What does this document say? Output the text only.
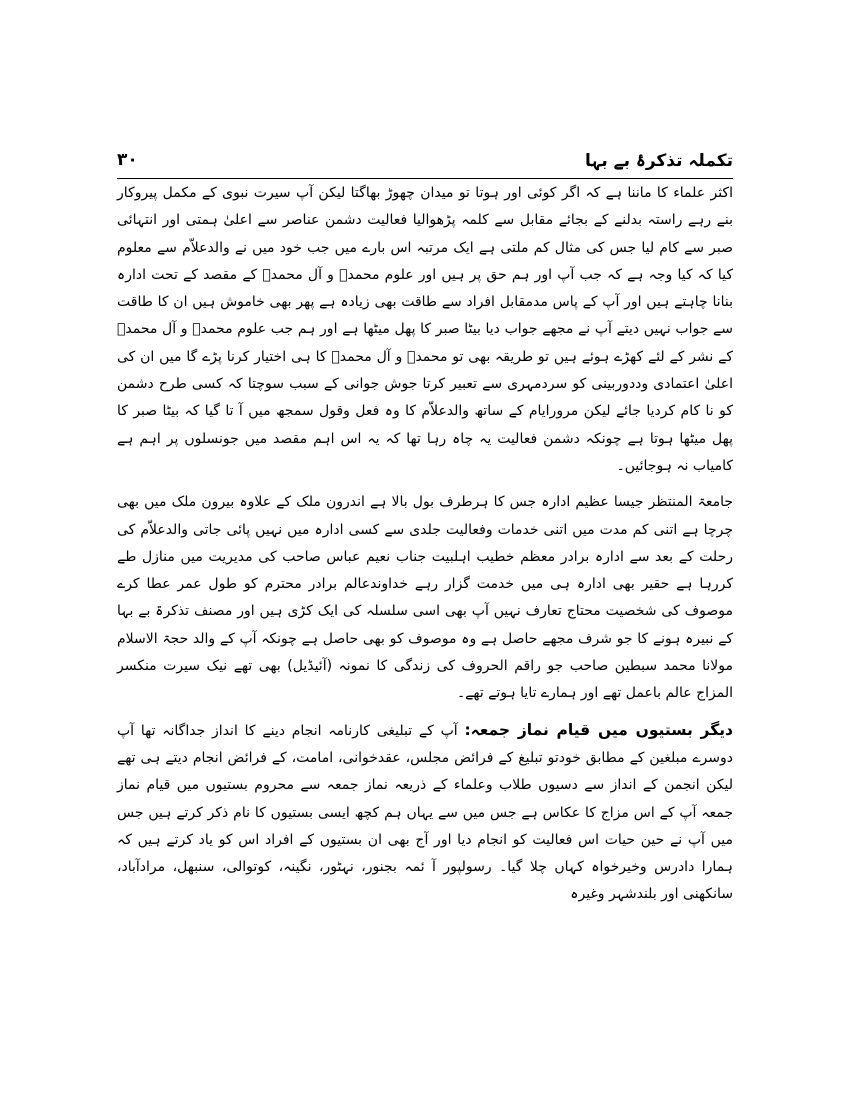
تکملہ تذکرۂ بے بہا
۳۰

اکثر علماء کا ماننا ہے کہ اگر کوئی اور ہوتا تو میدان چھوڑ بھاگتا لیکن آپ سیرت نبوی کے مکمل پیروکار بنے رہے راستہ بدلنے کے بجائے مقابل سے کلمہ پڑھوالیا فعالیت دشمن عناصر سے اعلیٰ ہمتی اور انتہائی صبر سے کام لیا جس کی مثال کم ملتی ہے ایک مرتبہ اس بارے میں جب خود میں نے والدعلاّم سے معلوم کیا کہ کیا وجہ ہے کہ جب آپ اور ہم حق پر ہیں اور علوم محمدؐ و آل محمدؐ کے مقصد کے تحت ادارہ بنانا چاہتے ہیں اور آپ کے پاس مدمقابل افراد سے طاقت بھی زیادہ ہے پھر بھی خاموش ہیں ان کا طاقت سے جواب نہیں دیتے آپ نے مجھے جواب دیا بیٹا صبر کا پھل میٹھا ہے اور ہم جب علوم محمدؐ و آل محمدؐ کے نشر کے لئے کھڑے ہوئے ہیں تو طریقہ بھی تو محمدؐ و آل محمدؐ کا ہی اختیار کرنا پڑے گا میں ان کی اعلیٰ اعتمادی وددوربینی کو سردمہری سے تعبیر کرتا جوش جوانی کے سبب سوچتا کہ کسی طرح دشمن کو نا کام کردیا جائے لیکن مرورایام کے ساتھ والدعلاّم کا وہ فعل وقول سمجھ میں آ تا گیا کہ بیٹا صبر کا پھل میٹھا ہوتا ہے چونکہ دشمن فعالیت یہ چاہ رہا تھا کہ یہ اس اہم مقصد میں جونسلوں پر اہم ہے کامیاب نہ ہوجائیں۔

جامعۃ المنتظر جیسا عظیم ادارہ جس کا ہرطرف بول بالا ہے اندرون ملک کے علاوہ بیرون ملک میں بھی چرچا ہے اتنی کم مدت میں اتنی خدمات وفعالیت جلدی سے کسی ادارہ میں نہیں پائی جاتی والدعلاّم کی رحلت کے بعد سے ادارہ برادر معظم خطیب اہلبیت جناب نعیم عباس صاحب کی مدیریت میں منازل طے کررہا ہے حقیر بھی ادارہ ہی میں خدمت گزار رہے خداوندعالم برادر محترم کو طول عمر عطا کرے موصوف کی شخصیت محتاج تعارف نہیں آپ بھی اسی سلسلہ کی ایک کڑی ہیں اور مصنف تذکرۃ بے بہا کے نبیرہ ہونے کا جو شرف مجھے حاصل ہے وہ موصوف کو بھی حاصل ہے چونکہ آپ کے والد حجۃ الاسلام مولانا محمد سبطین صاحب جو راقم الحروف کی زندگی کا نمونہ (آئیڈیل) بھی تھے نیک سیرت منکسر المزاج عالم باعمل تھے اور ہمارے تایا ہوتے تھے۔

دیگر بستیوں میں قیام نماز جمعہ: آپ کے تبلیغی کارنامہ انجام دینے کا انداز جداگانہ تھا آپ دوسرے مبلغین کے مطابق خودتو تبلیغ کے فرائض مجلس، عقدخوانی، امامت، کے فرائض انجام دیتے ہی تھے لیکن انجمن کے انداز سے دسیوں طلاب وعلماء کے ذریعہ نماز جمعہ سے محروم بستیوں میں قیام نماز جمعہ آپ کے اس مزاج کا عکاس ہے جس میں سے یہاں ہم کچھ ایسی بستیوں کا نام ذکر کرتے ہیں جس میں آپ نے حین حیات اس فعالیت کو انجام دیا اور آج بھی ان بستیوں کے افراد اس کو یاد کرتے ہیں کہ ہمارا دادرس وخیرخواہ کہاں چلا گیا۔ رسولپور آ ئمہ بجنور، نہٹور، نگینہ، کوتوالی، سنبھل، مرادآباد، سانکھنی اور بلندشہر وغیرہ
